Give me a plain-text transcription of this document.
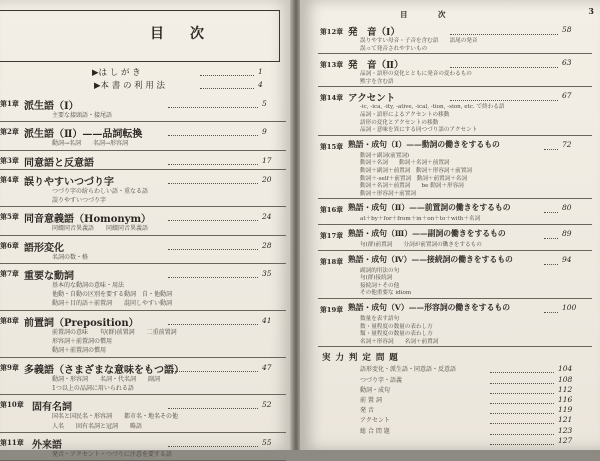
目　次
▶は し が き	1
▶本 書 の 利 用 法	4
第1章 派生語（Ⅰ）	5
主要な接頭語・接尾語
第2章 派生語（Ⅱ）——品詞転換	9
動詞→名詞　　名詞→形容詞
第3章 同意語と反意語	17
第4章 誤りやすいつづり字	20
つづり字の紛らわしい語・重なる語
誤りやすいつづり字
第5章 同音意義語（Homonym）	24
同綴同音異義語　　同綴同音異義語
第6章 語形変化	28
名詞の数・格
第7章 重要な動詞	35
基本的な動詞の意味・用法
他動・自動の区別を要する動詞　自・他動詞
動詞＋目的語＋前置詞　　混同しやすい動詞
第8章 前置詞（Preposition）	41
前置詞の意味　　句(群)前置詞　　二重前置詞
形容詞＋前置詞の慣用
動詞＋前置詞の慣用
第9章 多義語（さまざまな意味をもつ語）	47
動詞・形容詞　　名詞・代名詞　　副詞
1つ以上の品詞に用いられる語
第10章 固有名詞	52
国名と国民名・形容詞　　都市名・地名その他
人名　　固有名詞と冠詞　　略語
第11章 外来語	55
発音・アクセント・つづりに注意を要する語
目　　　次	3
第12章 発　音（Ⅰ）	58
誤りやすい母音・子音を含む語　　語尾の発音
誤って発音されやすいもの
第13章 発　音（Ⅱ）	63
品詞・語形の変化とともに発音の変わるもの
黙字を含む語
第14章 アクセント	67
-ic, -ica, -ity, -ative, -ical, -tion, -sion, etc. で終わる語
品詞・語形によるアクセントの移動
語形の変化とアクセントの移動
品詞・意味を異にする同つづり語のアクセント
第15章 熟語・成句（Ⅰ）——動詞の働きをするもの	72
動詞＋副詞(前置詞)
動詞＋名詞　　動詞＋名詞＋前置詞
動詞＋副詞＋前置詞　動詞＋形容詞＋前置詞
動詞＋-self＋前置詞　動詞＋前置詞＋名詞
動詞＋名詞＋前置詞　　be 動詞＋形容詞
動詞＋形容詞＋前置詞
第16章 熟語・成句（Ⅱ）——前置詞の働きをするもの	80
at＋by＋for＋from＋in＋on＋to＋with＋名詞
第17章 熟語・成句（Ⅲ）——副詞の働きをするもの	89
句(群)前置詞　　分詞が前置詞の働きをするもの
第18章 熟語・成句（Ⅳ）——接続詞の働きをするもの	94
副詞的用法の句
句(群)接続詞
接続詞＋その他
その他重要な idiom
第19章 熟語・成句（Ⅴ）——形容詞の働きをするもの	100
数量を表す語句
数・量程度の数量の表わし方
類・量程度の数量の表わし方
名詞＋形容詞　　名詞＋前置詞
実 力 判 定 問 題
語形変化・派生語・同意語・反意語	104
つづり字・語義	108
動詞・成句	112
前 置 詞	116
発 音	119
アクセント	121
総 合 問 題	123
127
